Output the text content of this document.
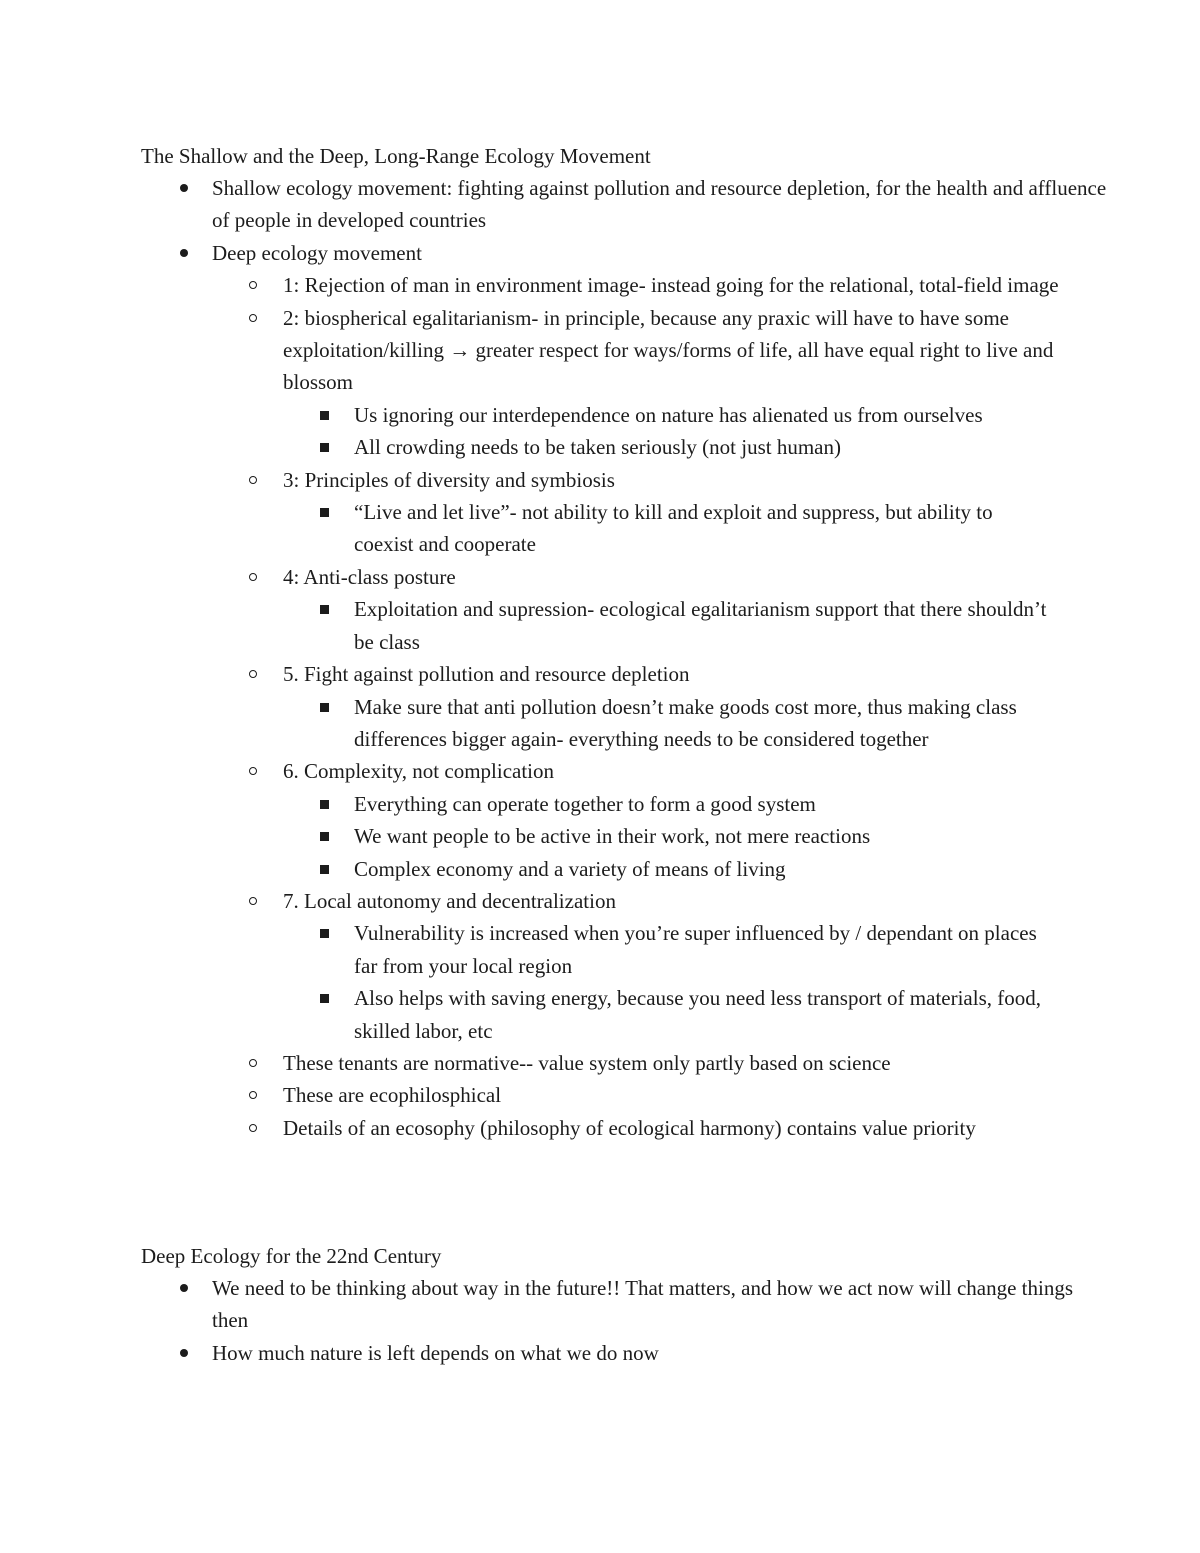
The Shallow and the Deep, Long-Range Ecology Movement
Shallow ecology movement: fighting against pollution and resource depletion, for the health and affluence of people in developed countries
Deep ecology movement
1: Rejection of man in environment image- instead going for the relational, total-field image
2: biospherical egalitarianism- in principle, because any praxic will have to have some exploitation/killing → greater respect for ways/forms of life, all have equal right to live and blossom
Us ignoring our interdependence on nature has alienated us from ourselves
All crowding needs to be taken seriously (not just human)
3: Principles of diversity and symbiosis
“Live and let live”- not ability to kill and exploit and suppress, but ability to coexist and cooperate
4: Anti-class posture
Exploitation and supression- ecological egalitarianism support that there shouldn’t be class
5. Fight against pollution and resource depletion
Make sure that anti pollution doesn’t make goods cost more, thus making class differences bigger again- everything needs to be considered together
6. Complexity, not complication
Everything can operate together to form a good system
We want people to be active in their work, not mere reactions
Complex economy and a variety of means of living
7. Local autonomy and decentralization
Vulnerability is increased when you’re super influenced by / dependant on places far from your local region
Also helps with saving energy, because you need less transport of materials, food, skilled labor, etc
These tenants are normative-- value system only partly based on science
These are ecophilosphical
Details of an ecosophy (philosophy of ecological harmony) contains value priority
Deep Ecology for the 22nd Century
We need to be thinking about way in the future!! That matters, and how we act now will change things then
How much nature is left depends on what we do now
